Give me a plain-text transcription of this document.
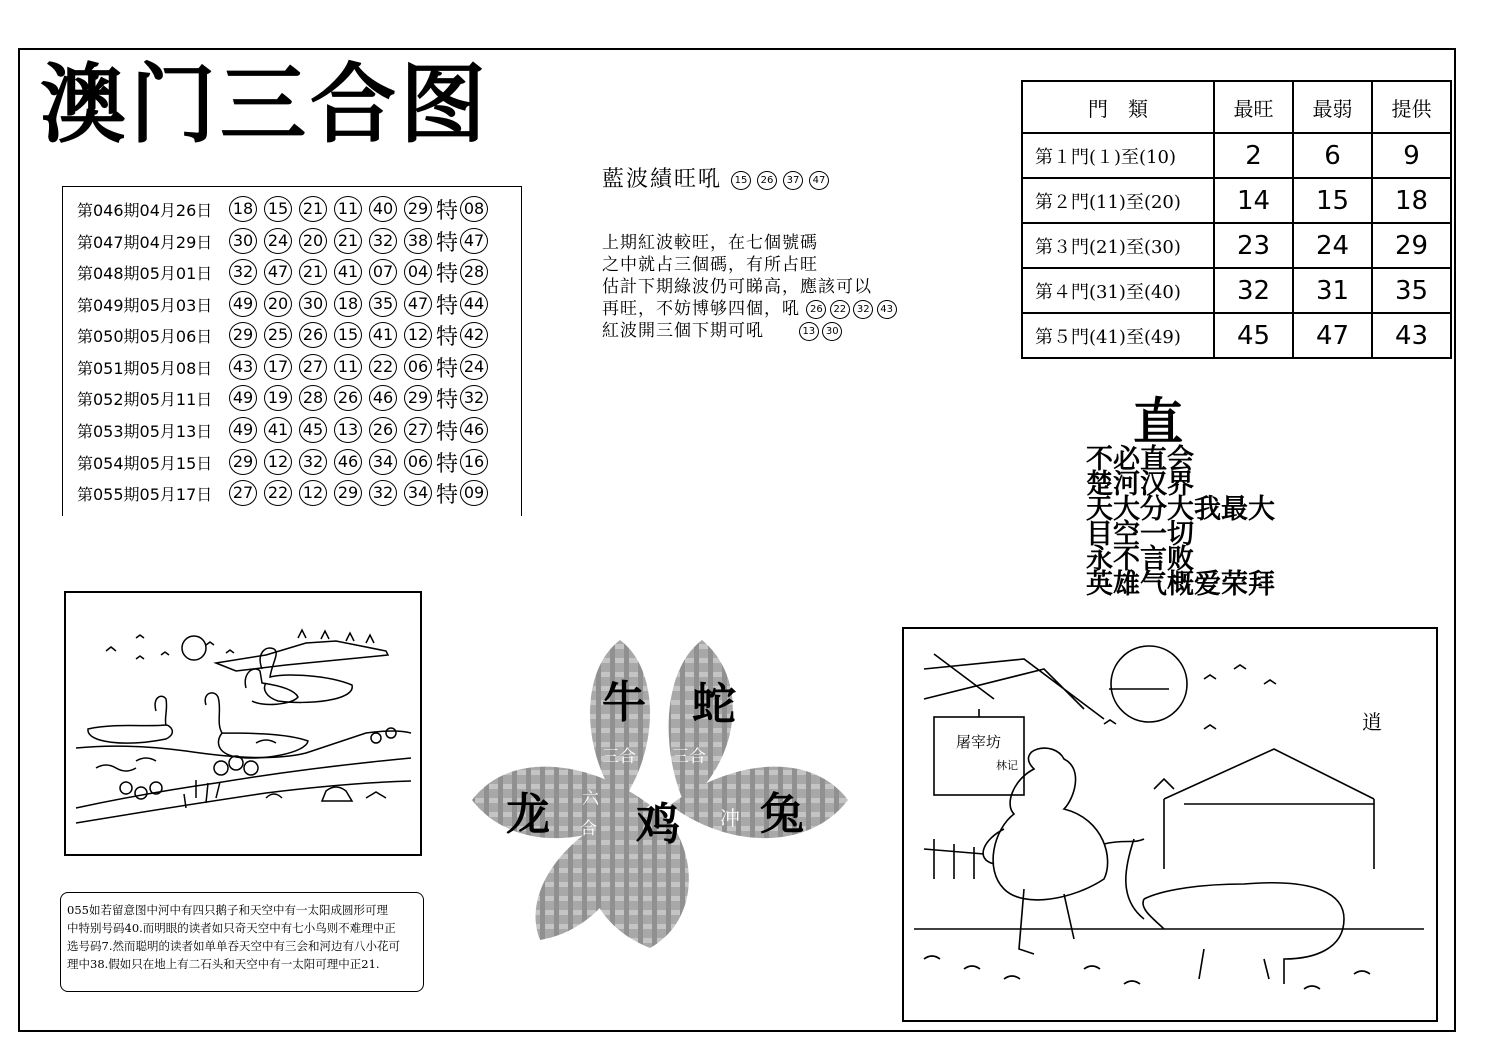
澳门三合图
第046期04月26日	18 15 21 11 40 29 特 08
第047期04月29日	30 24 20 21 32 38 特 47
第048期05月01日	32 47 21 41 07 04 特 28
第049期05月03日	49 20 30 18 35 47 特 44
第050期05月06日	29 25 26 15 41 12 特 42
第051期05月08日	43 17 27 11 22 06 特 24
第052期05月11日	49 19 28 26 46 29 特 32
第053期05月13日	49 41 45 13 26 27 特 46
第054期05月15日	29 12 32 46 34 06 特 16
第055期05月17日	27 22 12 29 32 34 特 09
藍波績旺吼 15 26 37 47
上期紅波較旺，在七個號碼
之中就占三個碼，有所占旺
估計下期綠波仍可睇高，應該可以
再旺，不妨博够四個，吼 26 22 32 43
紅波開三個下期可吼	13 30
門　類	最旺	最弱	提供
第１門(１)至(10)	2	6	9
第２門(11)至(20)	14	15	18
第３門(21)至(30)	23	24	29
第４門(31)至(40)	32	31	35
第５門(41)至(49)	45	47	43
直
不必直会
楚河汉界
天大分大我最大
目空一切
永不言败
英雄气概爱荣拜
055如若留意图中河中有四只鹅子和天空中有一太阳成圆形可理
中特别号码40.而明眼的读者如只奇天空中有七小鸟则不难理中正
选号码7.然而聪明的读者如单单吞天空中有三会和河边有八小花可
理中38.假如只在地上有二石头和天空中有一太阳可理中正21.
牛 蛇
龙 鸡 兔
三合 三合
六
合	冲
屠宰坊
林记
逍
